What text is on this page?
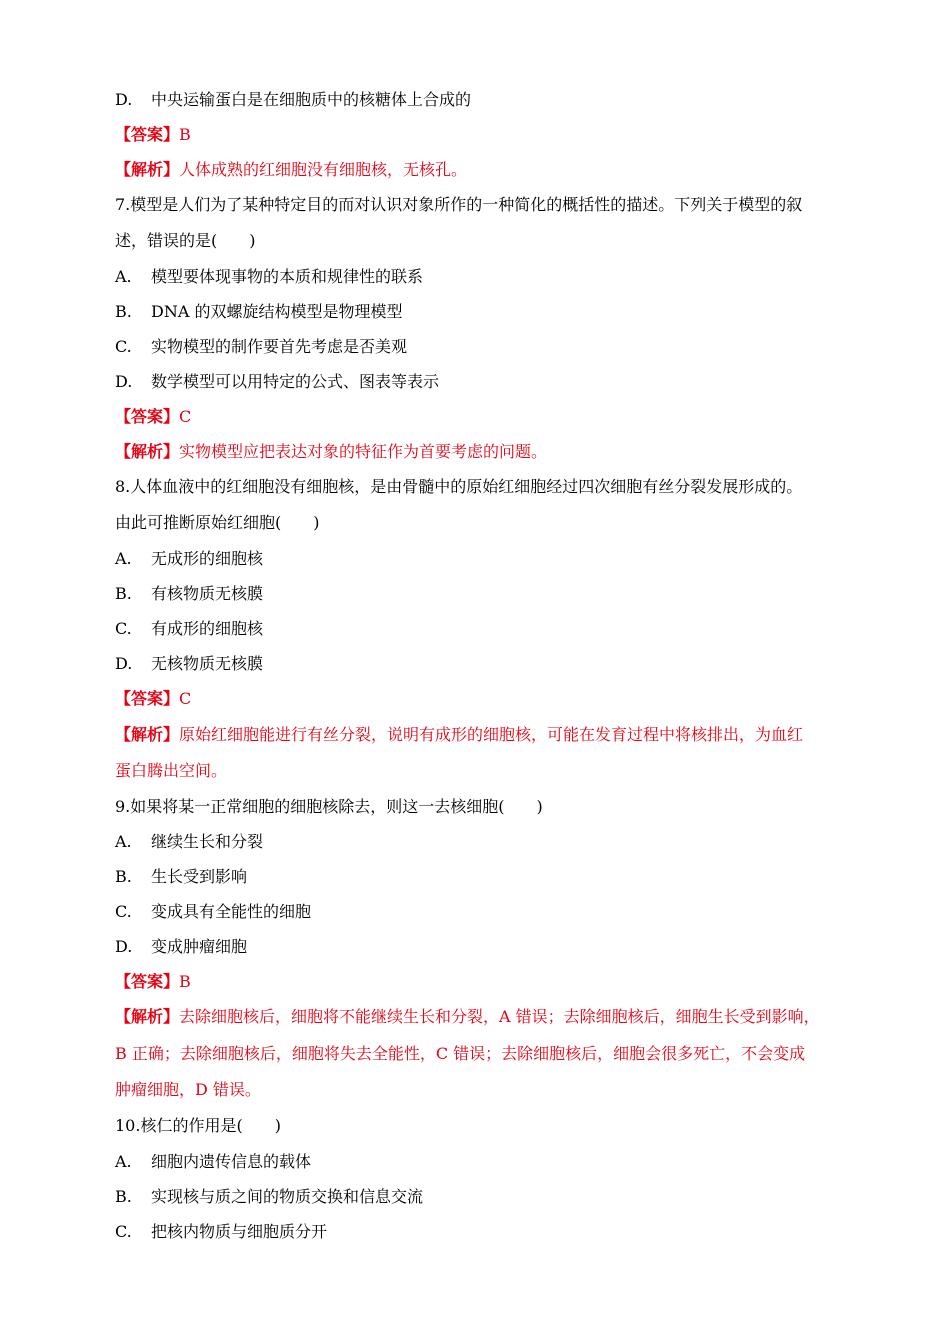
D. 中央运输蛋白是在细胞质中的核糖体上合成的
【答案】B
【解析】人体成熟的红细胞没有细胞核，无核孔。
7.模型是人们为了某种特定目的而对认识对象所作的一种简化的概括性的描述。下列关于模型的叙
述，错误的是(　　)
A. 模型要体现事物的本质和规律性的联系
B. DNA 的双螺旋结构模型是物理模型
C. 实物模型的制作要首先考虑是否美观
D. 数学模型可以用特定的公式、图表等表示
【答案】C
【解析】实物模型应把表达对象的特征作为首要考虑的问题。
8.人体血液中的红细胞没有细胞核，是由骨髓中的原始红细胞经过四次细胞有丝分裂发展形成的。
由此可推断原始红细胞(　　)
A. 无成形的细胞核
B. 有核物质无核膜
C. 有成形的细胞核
D. 无核物质无核膜
【答案】C
【解析】原始红细胞能进行有丝分裂，说明有成形的细胞核，可能在发育过程中将核排出，为血红
蛋白腾出空间。
9.如果将某一正常细胞的细胞核除去，则这一去核细胞(　　)
A. 继续生长和分裂
B. 生长受到影响
C. 变成具有全能性的细胞
D. 变成肿瘤细胞
【答案】B
【解析】去除细胞核后，细胞将不能继续生长和分裂，A 错误；去除细胞核后，细胞生长受到影响，
B 正确；去除细胞核后，细胞将失去全能性，C 错误；去除细胞核后，细胞会很多死亡，不会变成
肿瘤细胞，D 错误。
10.核仁的作用是(　　)
A. 细胞内遗传信息的载体
B. 实现核与质之间的物质交换和信息交流
C. 把核内物质与细胞质分开
